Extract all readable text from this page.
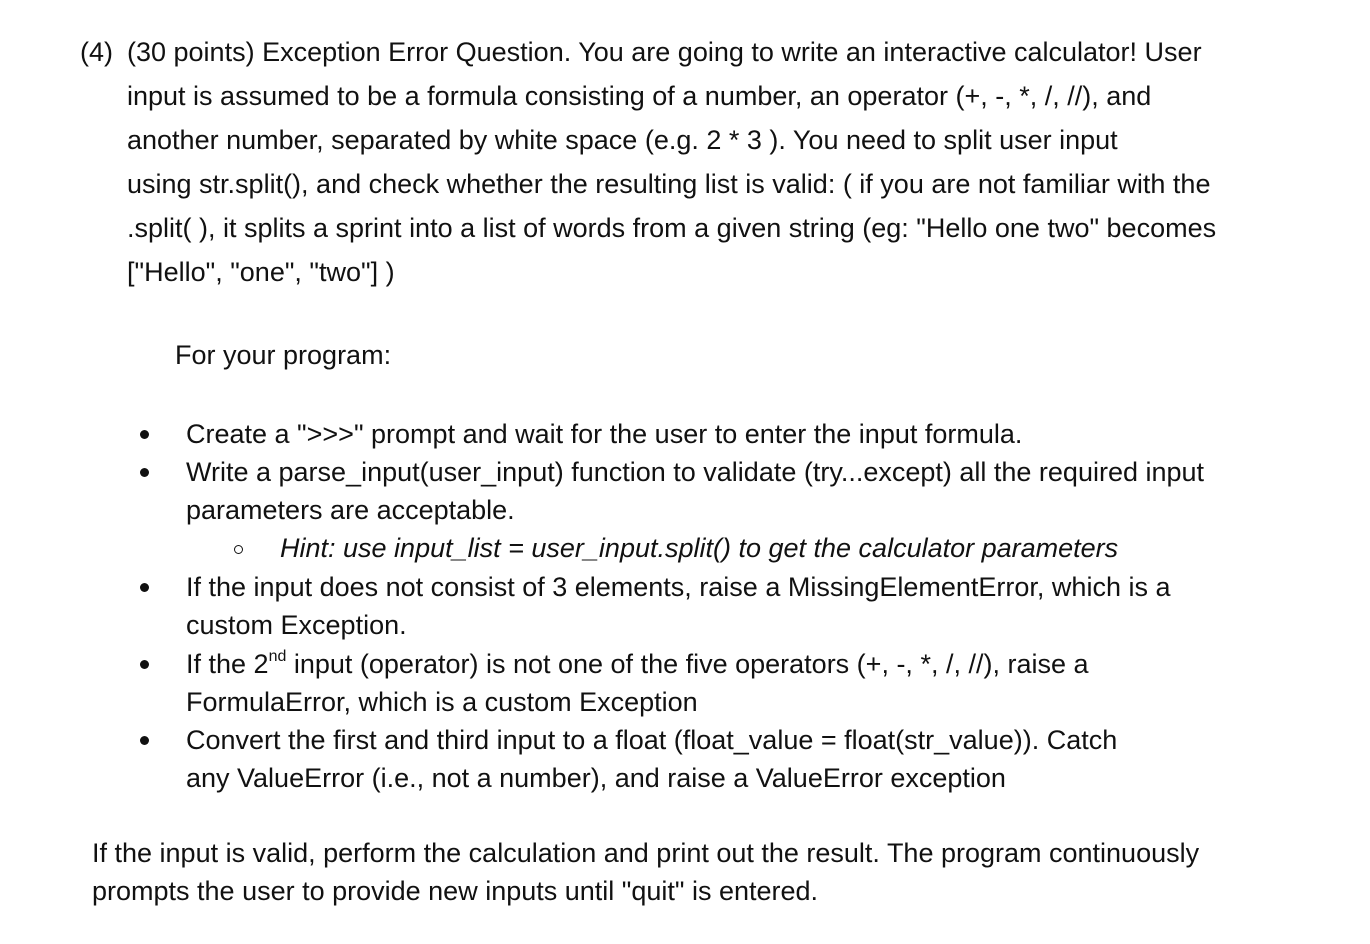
(4) (30 points) Exception Error Question. You are going to write an interactive calculator! User
input is assumed to be a formula consisting of a number, an operator (+, -, *, /, //), and
another number, separated by white space (e.g. 2 * 3 ). You need to split user input
using str.split(), and check whether the resulting list is valid: ( if you are not familiar with the
.split( ), it splits a sprint into a list of words from a given string (eg: "Hello one two" becomes
["Hello", "one", "two"] )
For your program:
Create a ">>>" prompt and wait for the user to enter the input formula.
Write a parse_input(user_input) function to validate (try...except) all the required input
parameters are acceptable.
Hint: use input_list = user_input.split() to get the calculator parameters
If the input does not consist of 3 elements, raise a MissingElementError, which is a
custom Exception.
If the 2nd input (operator) is not one of the five operators (+, -, *, /, //), raise a
FormulaError, which is a custom Exception
Convert the first and third input to a float (float_value = float(str_value)). Catch
any ValueError (i.e., not a number), and raise a ValueError exception
If the input is valid, perform the calculation and print out the result. The program continuously
prompts the user to provide new inputs until "quit" is entered.
